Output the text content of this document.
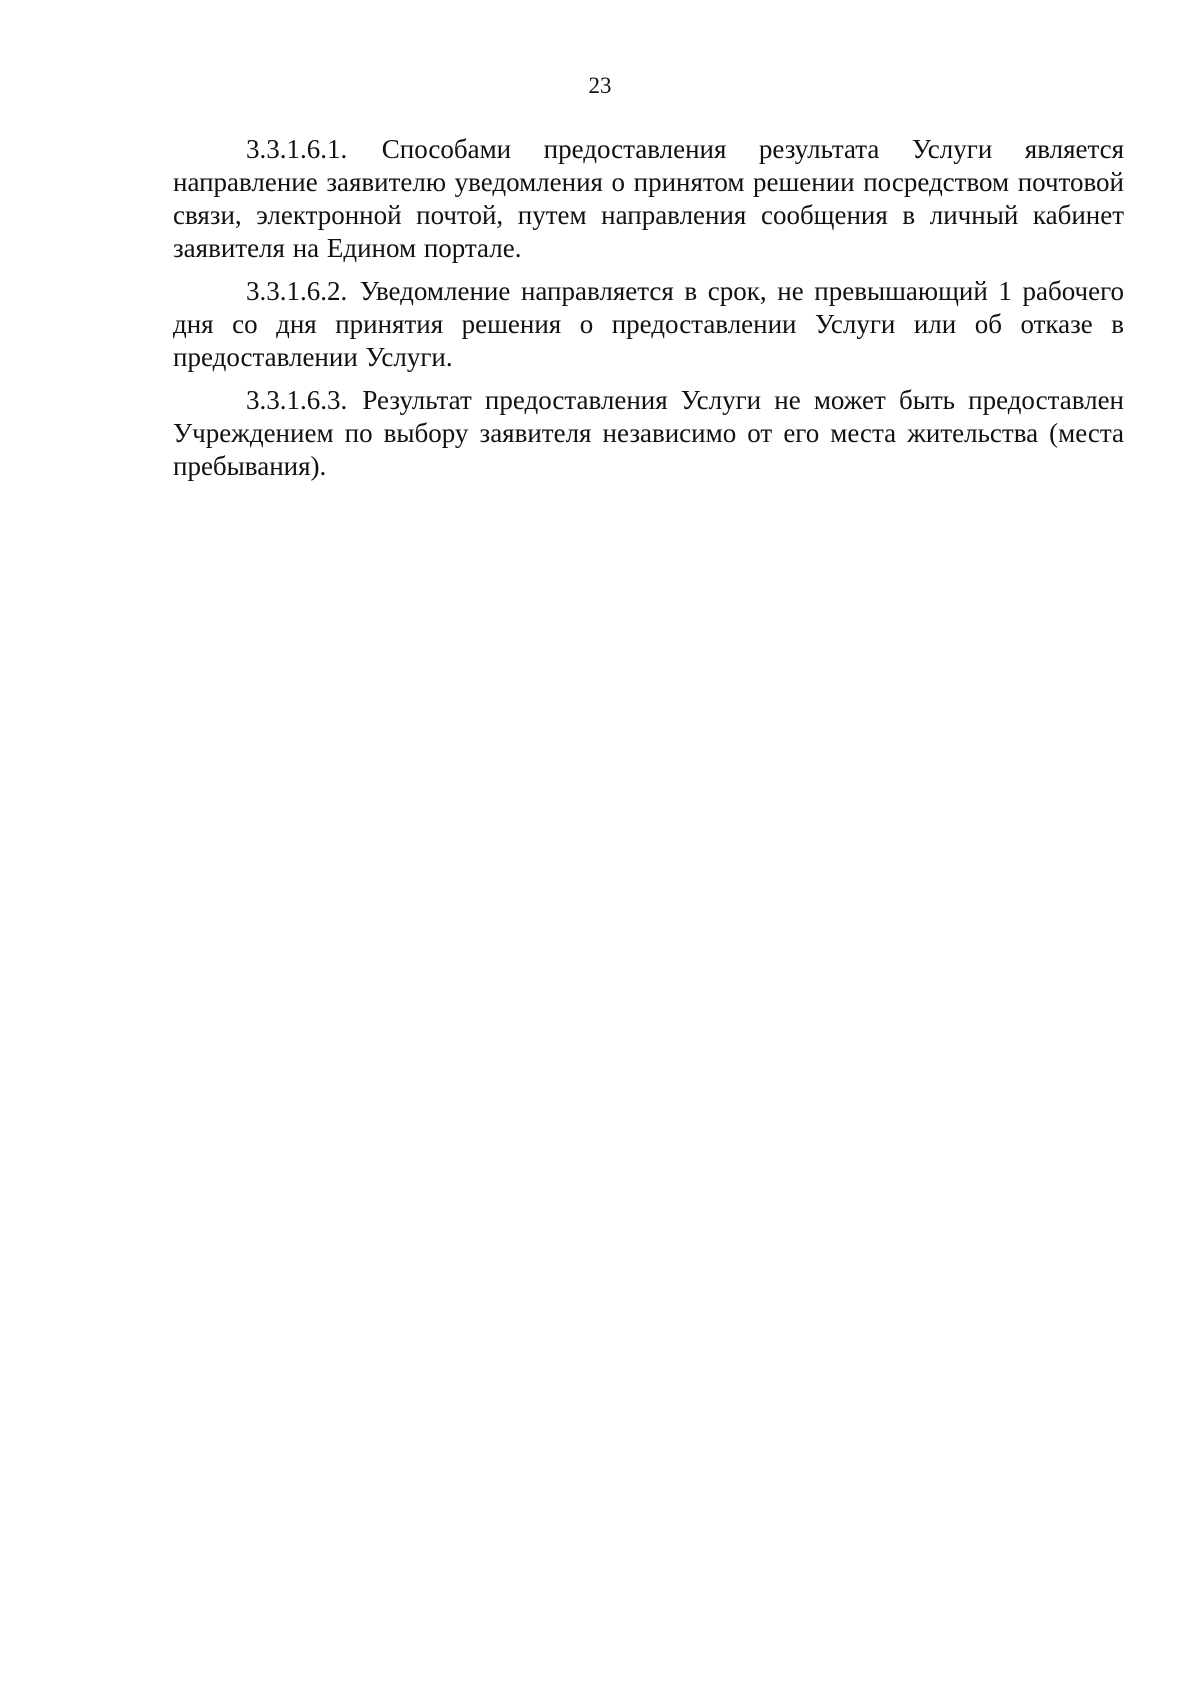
23

3.3.1.6.1. Способами предоставления результата Услуги является направление заявителю уведомления о принятом решении посредством почтовой связи, электронной почтой, путем направления сообщения в личный кабинет заявителя на Едином портале.

3.3.1.6.2. Уведомление направляется в срок, не превышающий 1 рабочего дня со дня принятия решения о предоставлении Услуги или об отказе в предоставлении Услуги.

3.3.1.6.3. Результат предоставления Услуги не может быть предоставлен Учреждением по выбору заявителя независимо от его места жительства (места пребывания).
